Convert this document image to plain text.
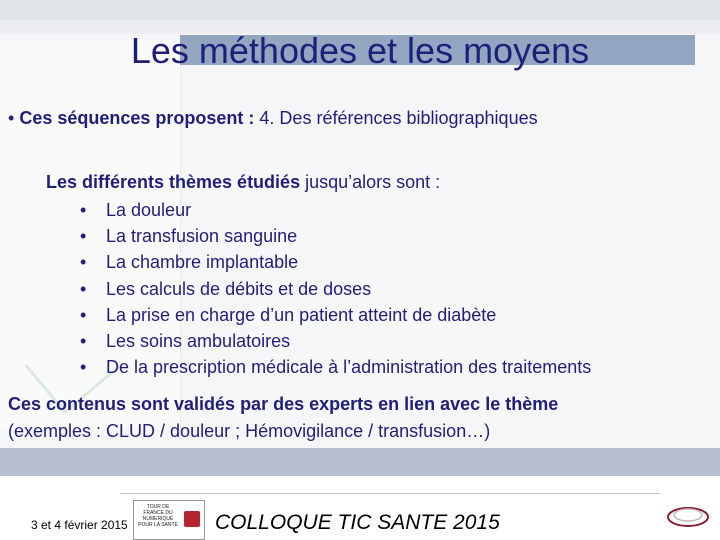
Les méthodes et les moyens
• Ces séquences proposent : 4. Des références bibliographiques
Les différents thèmes étudiés jusqu’alors sont :
• La douleur
• La transfusion sanguine
• La chambre implantable
• Les calculs de débits et de doses
• La prise en charge d’un patient atteint de diabète
• Les soins ambulatoires
• De la prescription médicale à l’administration des traitements
Ces contenus sont validés par des experts en lien avec le thème
(exemples : CLUD / douleur ; Hémovigilance / transfusion…)
3 et 4 février 2015
TOUR DE FRANCE DU NUMERIQUE POUR LA SANTE COLLOQUE TIC SANTE 2015
